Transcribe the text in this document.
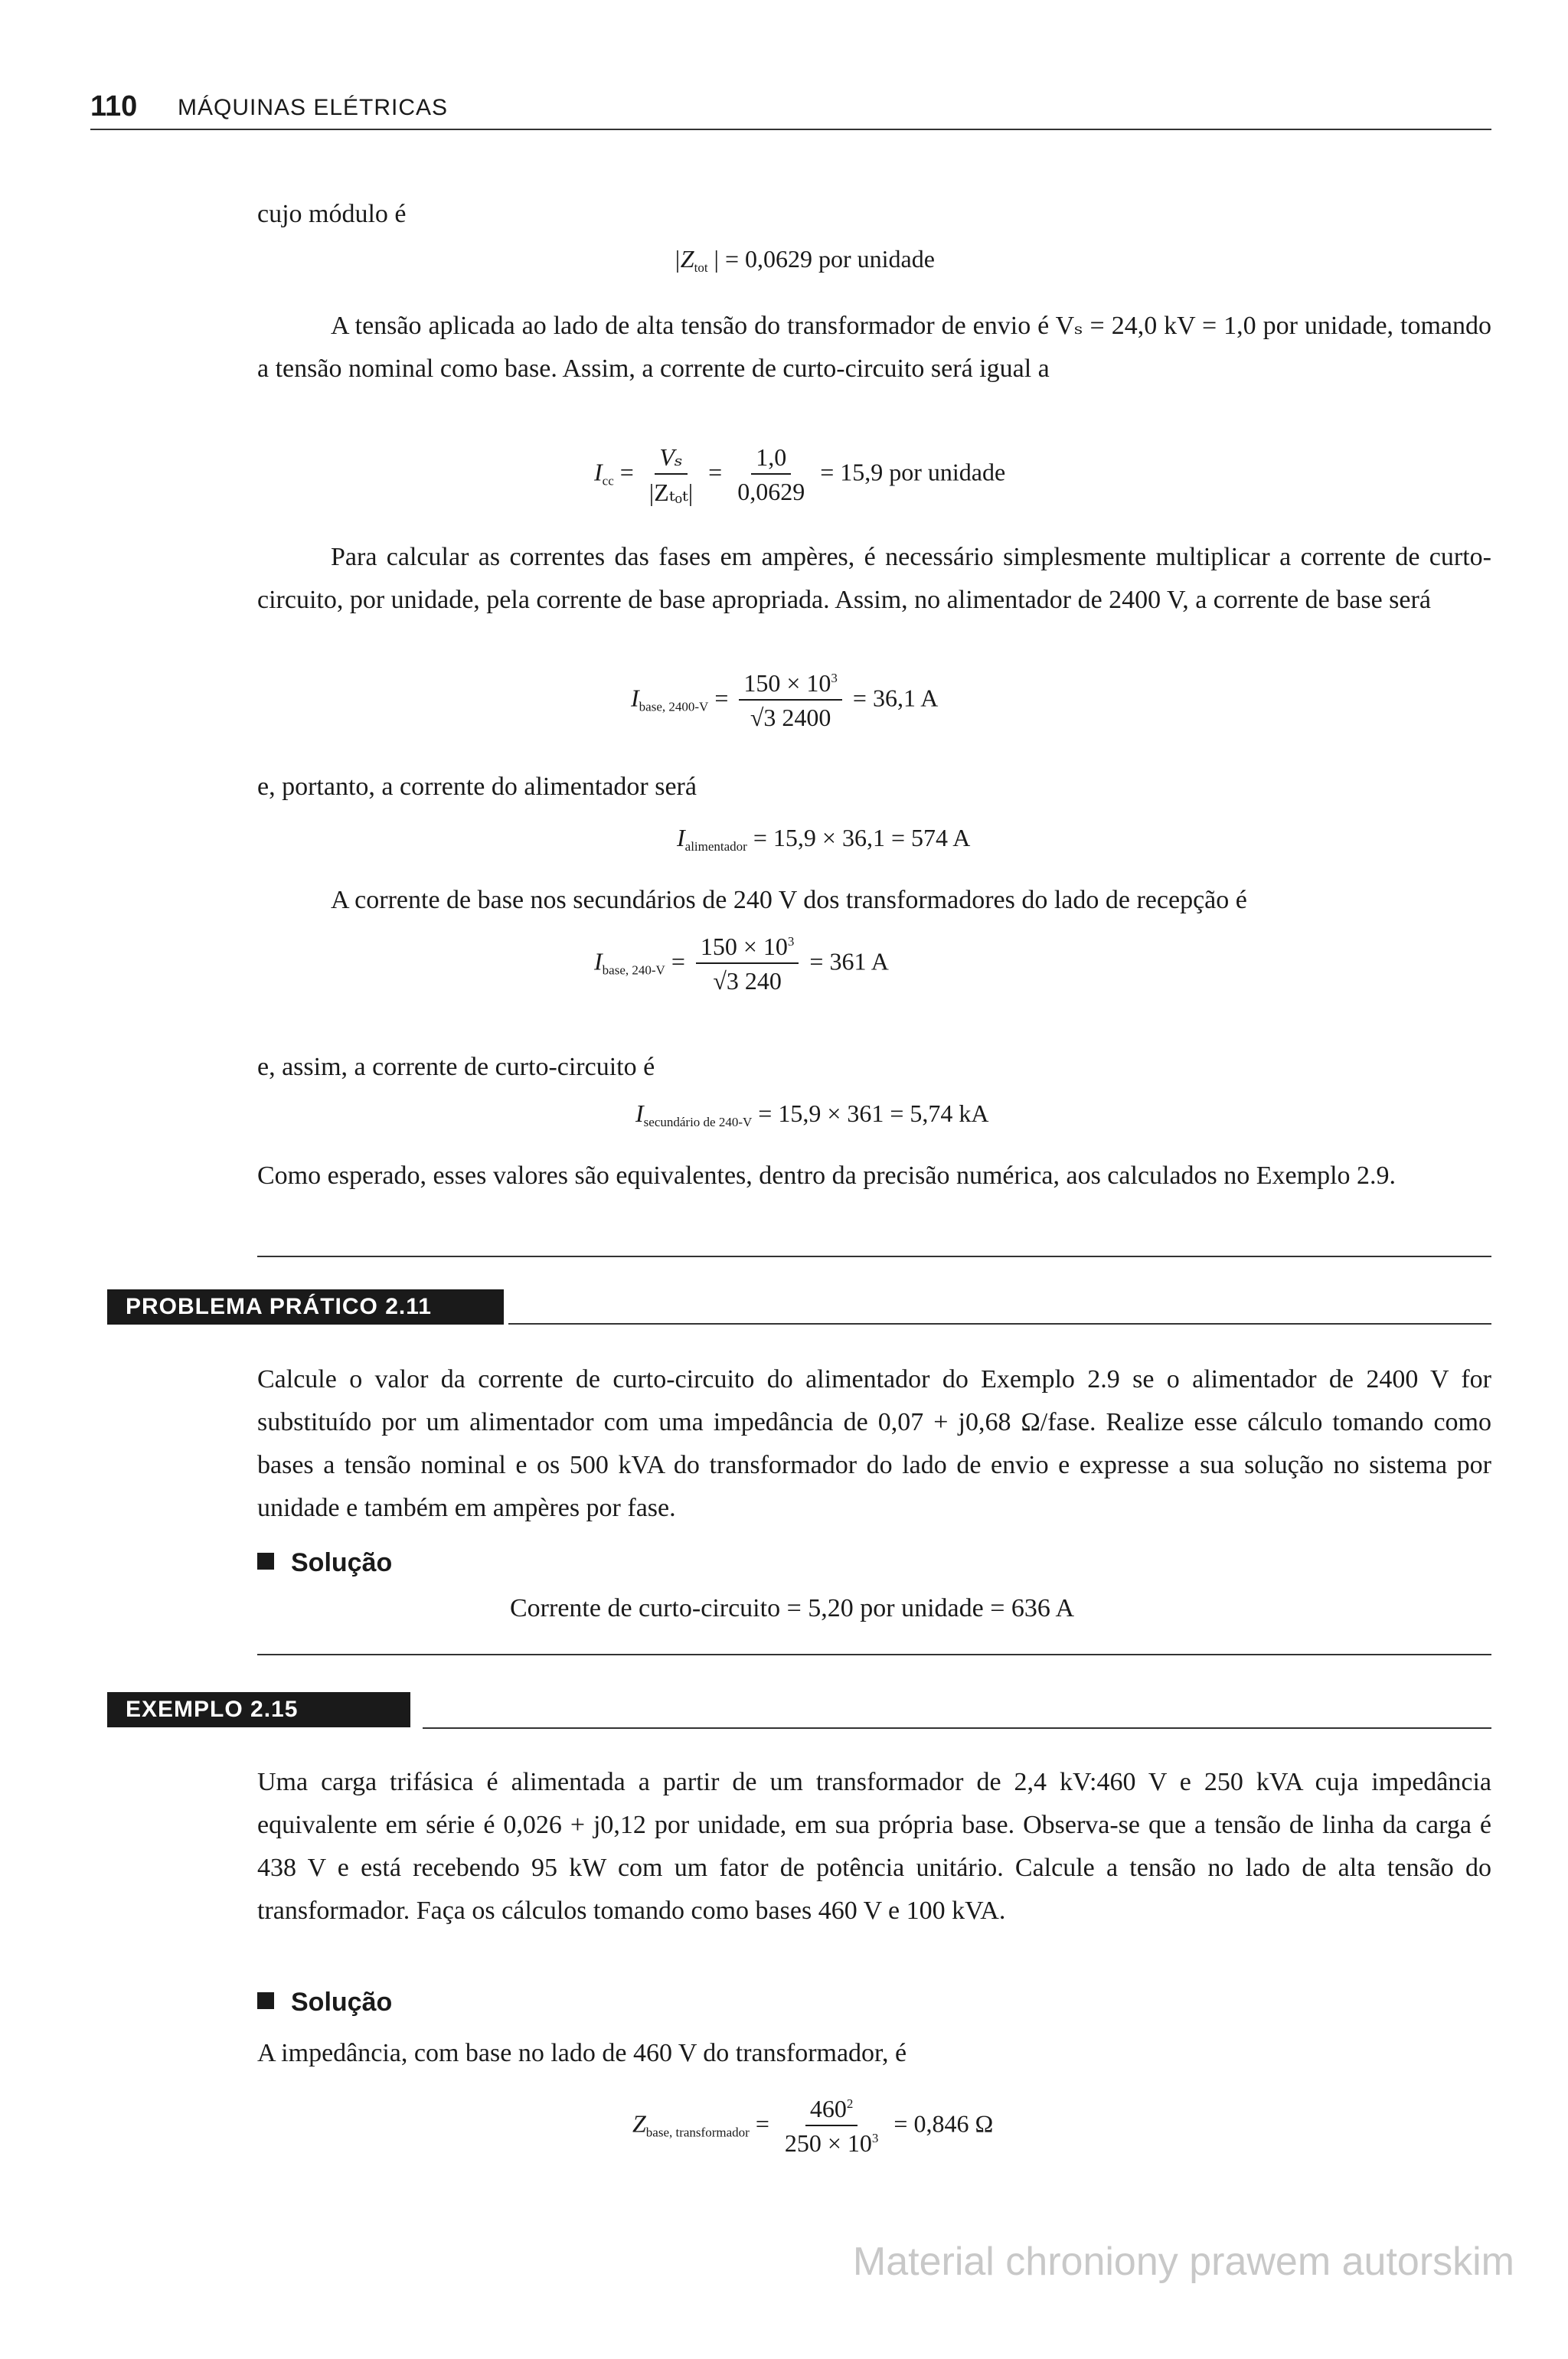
110 MÁQUINAS ELÉTRICAS

cujo módulo é

$|Z_{tot}$ | = 0,0629 por unidade

A tensão aplicada ao lado de alta tensão do transformador de envio é Vₛ = 24,0 kV = 1,0 por unidade, tomando a tensão nominal como base. Assim, a corrente de curto-circuito será igual a

$I_{cc} = \frac{\text{Vₛ}}{\text{|Zₜₒₜ|}} = \frac{1,0}{0,0629} = 15,9$ por unidade

Para calcular as correntes das fases em ampères, é necessário simplesmente multiplicar a corrente de curto-circuito, por unidade, pela corrente de base apropriada. Assim, no alimentador de 2400 V, a corrente de base será

$I_{base, 2400-V} = \frac{150 \times 10^3}{√3 2400} = 36,1$ A

e, portanto, a corrente do alimentador será

$I_{alimentador} = 15,9 \times 36,1 = 574$ A

A corrente de base nos secundários de 240 V dos transformadores do lado de recepção é

$I_{base, 240-V} = \frac{150 \times 10^3}{√3 240} = 361$ A

e, assim, a corrente de curto-circuito é

$I_{secundário de 240-V} = 15,9 \times 361 = 5,74$ kA

Como esperado, esses valores são equivalentes, dentro da precisão numérica, aos calculados no Exemplo 2.9.

PROBLEMA PRÁTICO 2.11

Calcule o valor da corrente de curto-circuito do alimentador do Exemplo 2.9 se o alimentador de 2400 V for substituído por um alimentador com uma impedância de 0,07 + j0,68 Ω/fase. Realize esse cálculo tomando como bases a tensão nominal e os 500 kVA do transformador do lado de envio e expresse a sua solução no sistema por unidade e também em ampères por fase.

Solução
Corrente de curto-circuito = 5,20 por unidade = 636 A
EXEMPLO 2.15

Uma carga trifásica é alimentada a partir de um transformador de 2,4 kV:460 V e 250 kVA cuja impedância equivalente em série é 0,026 + j0,12 por unidade, em sua própria base. Observa-se que a tensão de linha da carga é 438 V e está recebendo 95 kW com um fator de potência unitário. Calcule a tensão no lado de alta tensão do transformador. Faça os cálculos tomando como bases 460 V e 100 kVA.

Solução

A impedância, com base no lado de 460 V do transformador, é

$Z_{base, transformador} = \frac{460^2}{250 \times 10^3} = 0,846$ Ω
Material chroniony prawem autorskim
